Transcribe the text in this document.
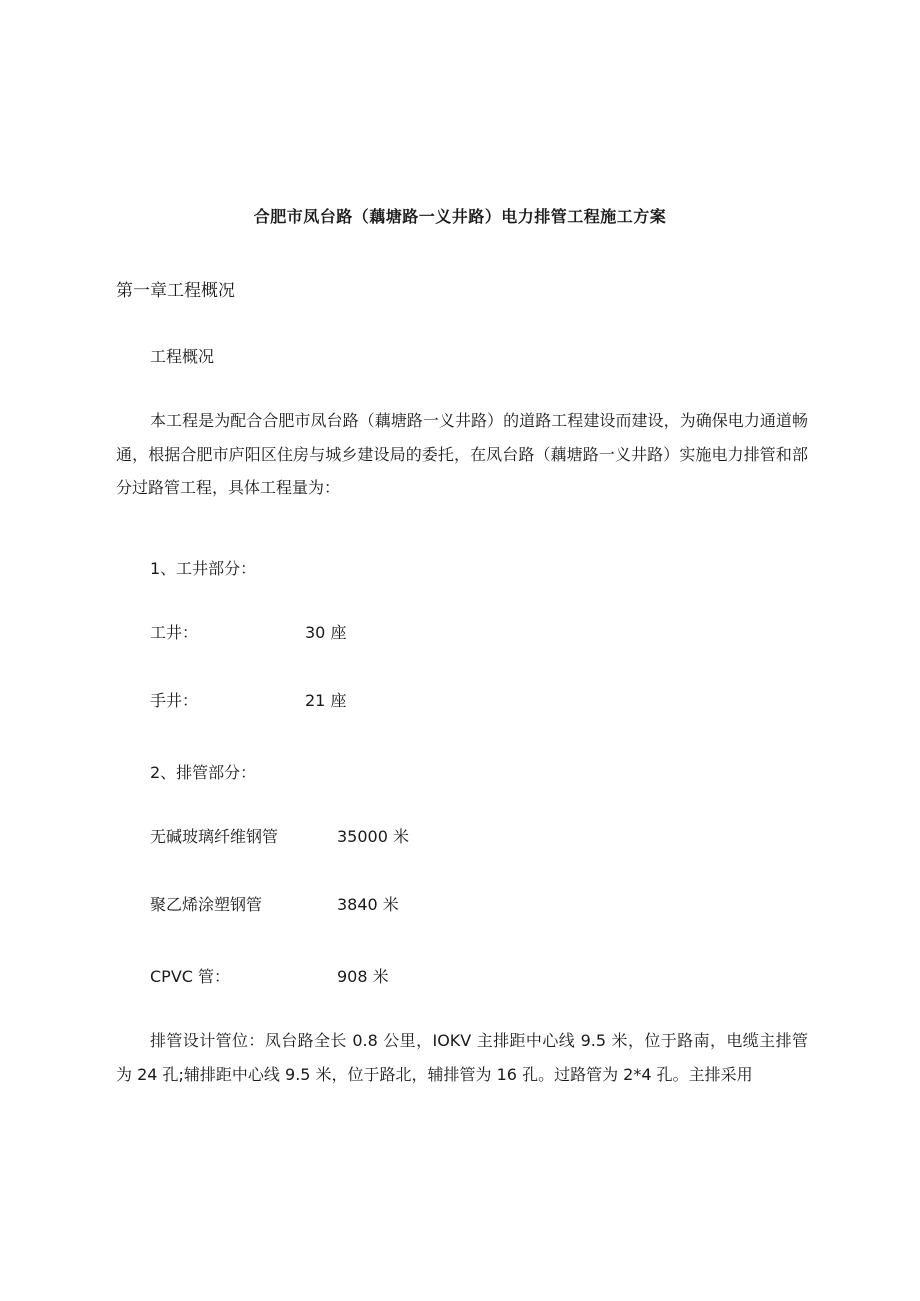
合肥市凤台路（藕塘路一义井路）电力排管工程施工方案
第一章工程概况
工程概况
本工程是为配合合肥市凤台路（藕塘路一义井路）的道路工程建设而建设，为确保电力通道畅通，根据合肥市庐阳区住房与城乡建设局的委托，在凤台路（藕塘路一义井路）实施电力排管和部分过路管工程，具体工程量为：
1、工井部分：
工井：	30 座
手井：	21 座
2、排管部分：
无碱玻璃纤维钢管	35000 米
聚乙烯涂塑钢管	3840 米
CPVC 管：	908 米
排管设计管位：凤台路全长 0.8 公里，IOKV 主排距中心线 9.5 米，位于路南，电缆主排管为 24 孔;辅排距中心线 9.5 米，位于路北，辅排管为 16 孔。过路管为 2*4 孔。主排采用
